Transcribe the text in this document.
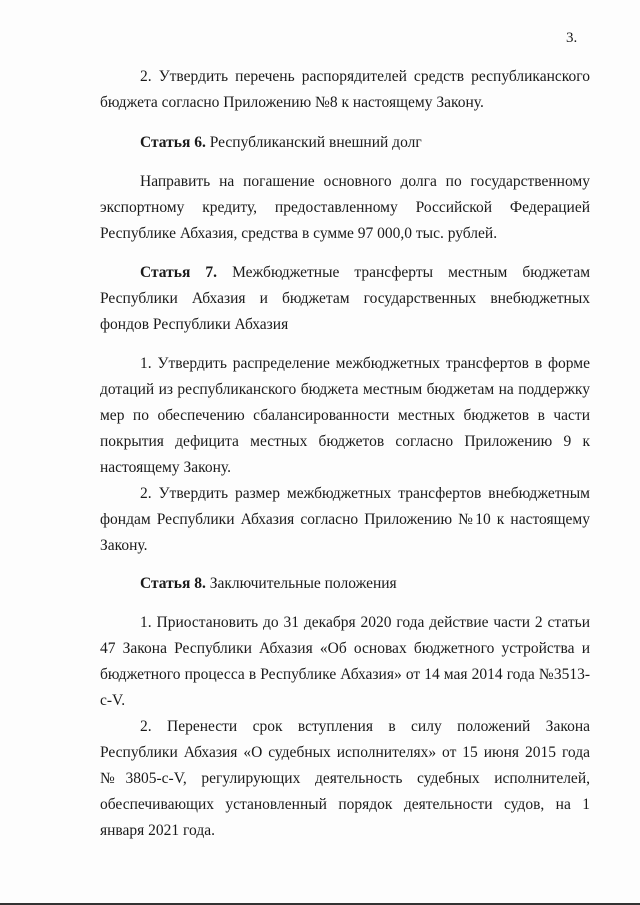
3.
2. Утвердить перечень распорядителей средств республиканского бюджета согласно Приложению №8 к настоящему Закону.
Статья 6. Республиканский внешний долг
Направить на погашение основного долга по государственному экспортному кредиту, предоставленному Российской Федерацией Республике Абхазия, средства в сумме 97 000,0 тыс. рублей.
Статья 7. Межбюджетные трансферты местным бюджетам Республики Абхазия и бюджетам государственных внебюджетных фондов Республики Абхазия
1. Утвердить распределение межбюджетных трансфертов в форме дотаций из республиканского бюджета местным бюджетам на поддержку мер по обеспечению сбалансированности местных бюджетов в части покрытия дефицита местных бюджетов согласно Приложению 9 к настоящему Закону.
2. Утвердить размер межбюджетных трансфертов внебюджетным фондам Республики Абхазия согласно Приложению №10 к настоящему Закону.
Статья 8. Заключительные положения
1. Приостановить до 31 декабря 2020 года действие части 2 статьи 47 Закона Республики Абхазия «Об основах бюджетного устройства и бюджетного процесса в Республике Абхазия» от 14 мая 2014 года №3513-с-V.
2. Перенести срок вступления в силу положений Закона Республики Абхазия «О судебных исполнителях» от 15 июня 2015 года №3805-с-V, регулирующих деятельность судебных исполнителей, обеспечивающих установленный порядок деятельности судов, на 1 января 2021 года.
